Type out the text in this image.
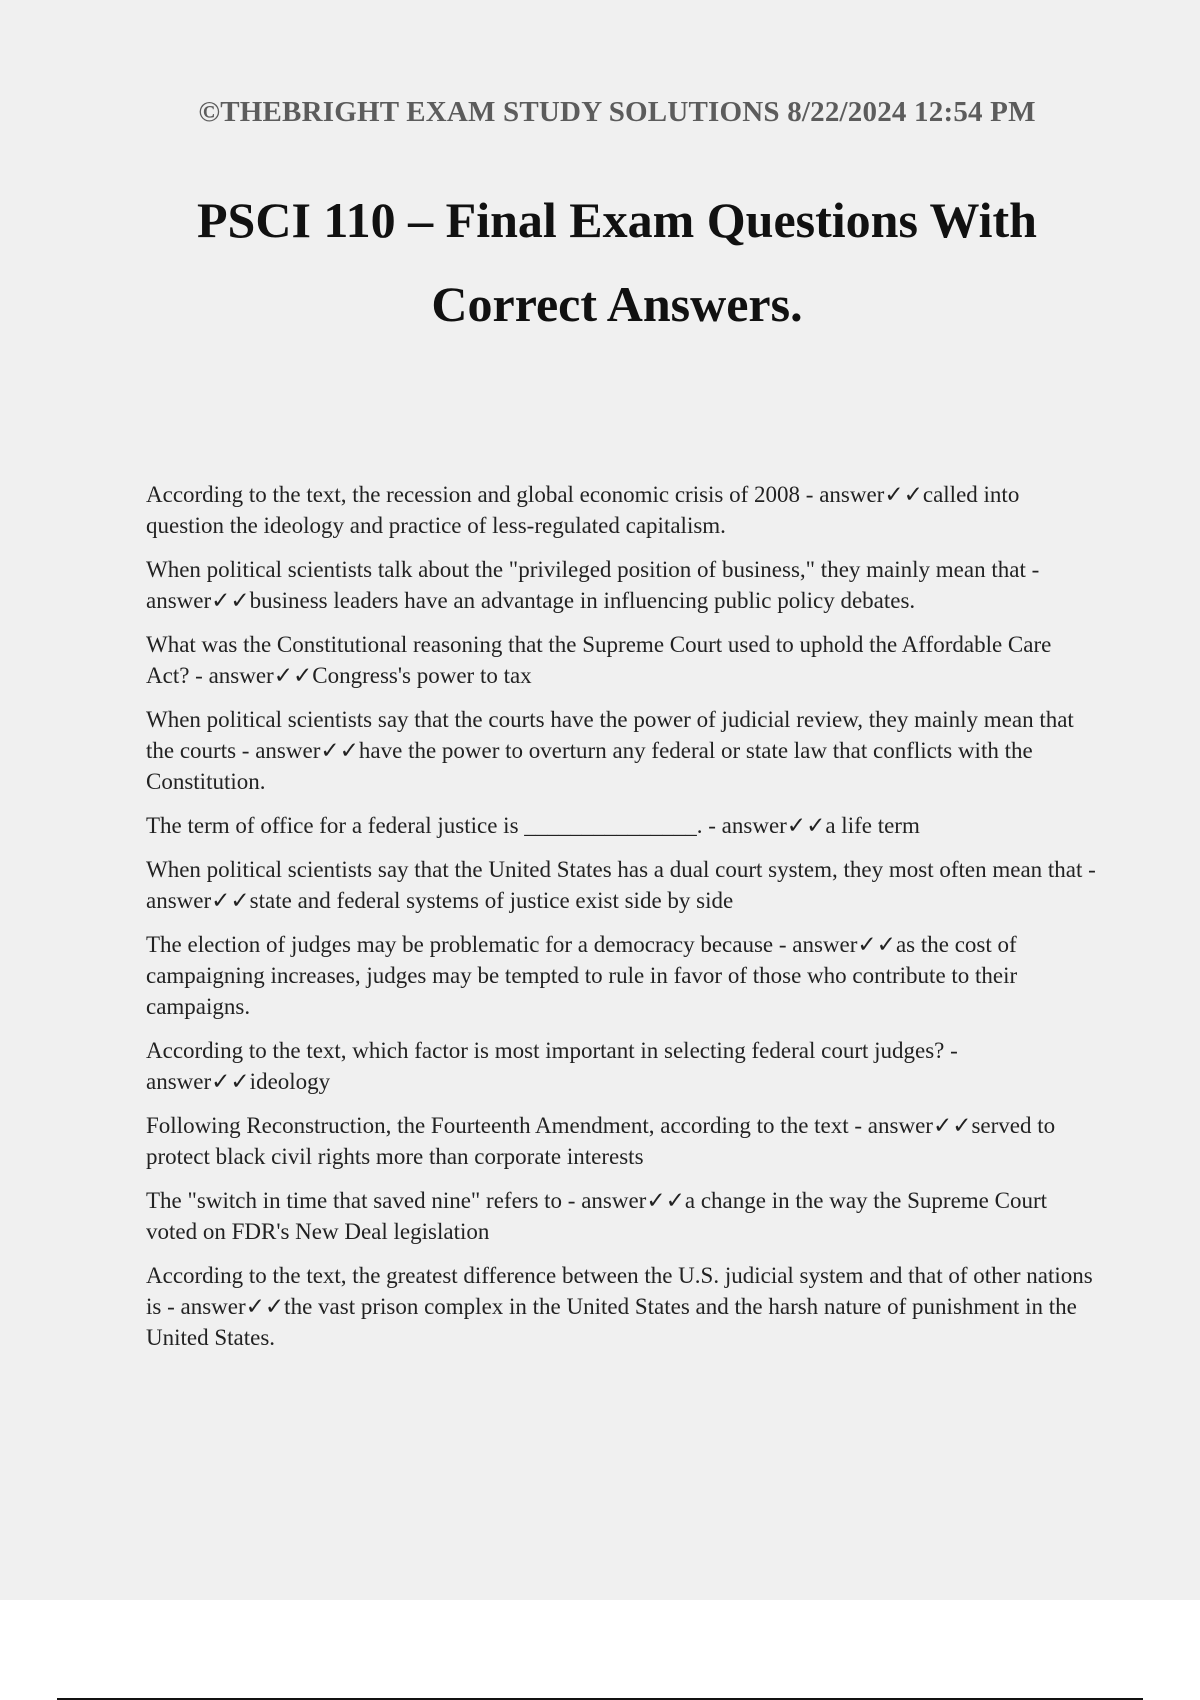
©THEBRIGHT EXAM STUDY SOLUTIONS 8/22/2024 12:54 PM
PSCI 110 – Final Exam Questions With
Correct Answers.

According to the text, the recession and global economic crisis of 2008 - answer✓✓called into question the ideology and practice of less-regulated capitalism.

When political scientists talk about the "privileged position of business," they mainly mean that - answer✓✓business leaders have an advantage in influencing public policy debates.

What was the Constitutional reasoning that the Supreme Court used to uphold the Affordable Care Act? - answer✓✓Congress's power to tax

When political scientists say that the courts have the power of judicial review, they mainly mean that the courts - answer✓✓have the power to overturn any federal or state law that conflicts with the Constitution.

The term of office for a federal justice is _______________. - answer✓✓a life term

When political scientists say that the United States has a dual court system, they most often mean that - answer✓✓state and federal systems of justice exist side by side

The election of judges may be problematic for a democracy because - answer✓✓as the cost of campaigning increases, judges may be tempted to rule in favor of those who contribute to their campaigns.

According to the text, which factor is most important in selecting federal court judges? - answer✓✓ideology

Following Reconstruction, the Fourteenth Amendment, according to the text - answer✓✓served to protect black civil rights more than corporate interests

The "switch in time that saved nine" refers to - answer✓✓a change in the way the Supreme Court voted on FDR's New Deal legislation

According to the text, the greatest difference between the U.S. judicial system and that of other nations is - answer✓✓the vast prison complex in the United States and the harsh nature of punishment in the United States.
